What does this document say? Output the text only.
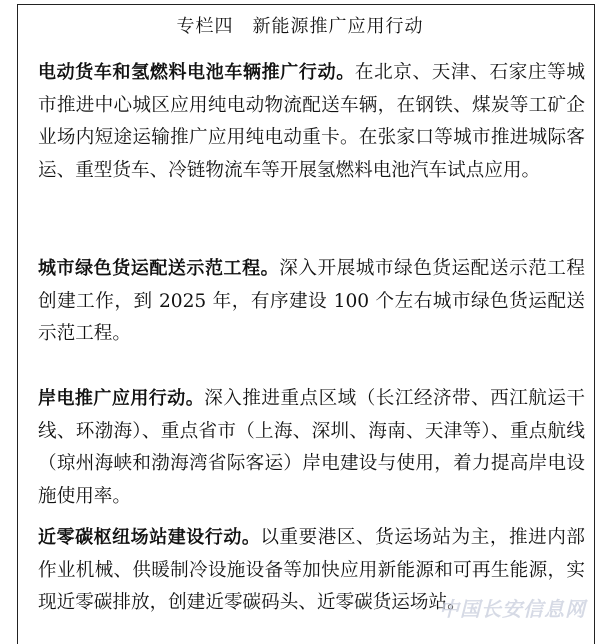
专栏四　新能源推广应用行动
电动货车和氢燃料电池车辆推广行动。在北京、天津、石家庄等城市推进中心城区应用纯电动物流配送车辆，在钢铁、煤炭等工矿企业场内短途运输推广应用纯电动重卡。在张家口等城市推进城际客运、重型货车、冷链物流车等开展氢燃料电池汽车试点应用。
城市绿色货运配送示范工程。深入开展城市绿色货运配送示范工程创建工作，到 2025 年，有序建设 100 个左右城市绿色货运配送示范工程。
岸电推广应用行动。深入推进重点区域（长江经济带、西江航运干线、环渤海）、重点省市（上海、深圳、海南、天津等）、重点航线（琼州海峡和渤海湾省际客运）岸电建设与使用，着力提高岸电设施使用率。
近零碳枢纽场站建设行动。以重要港区、货运场站为主，推进内部作业机械、供暖制冷设施设备等加快应用新能源和可再生能源，实现近零碳排放，创建近零碳码头、近零碳货运场站。
中国长安信息网
